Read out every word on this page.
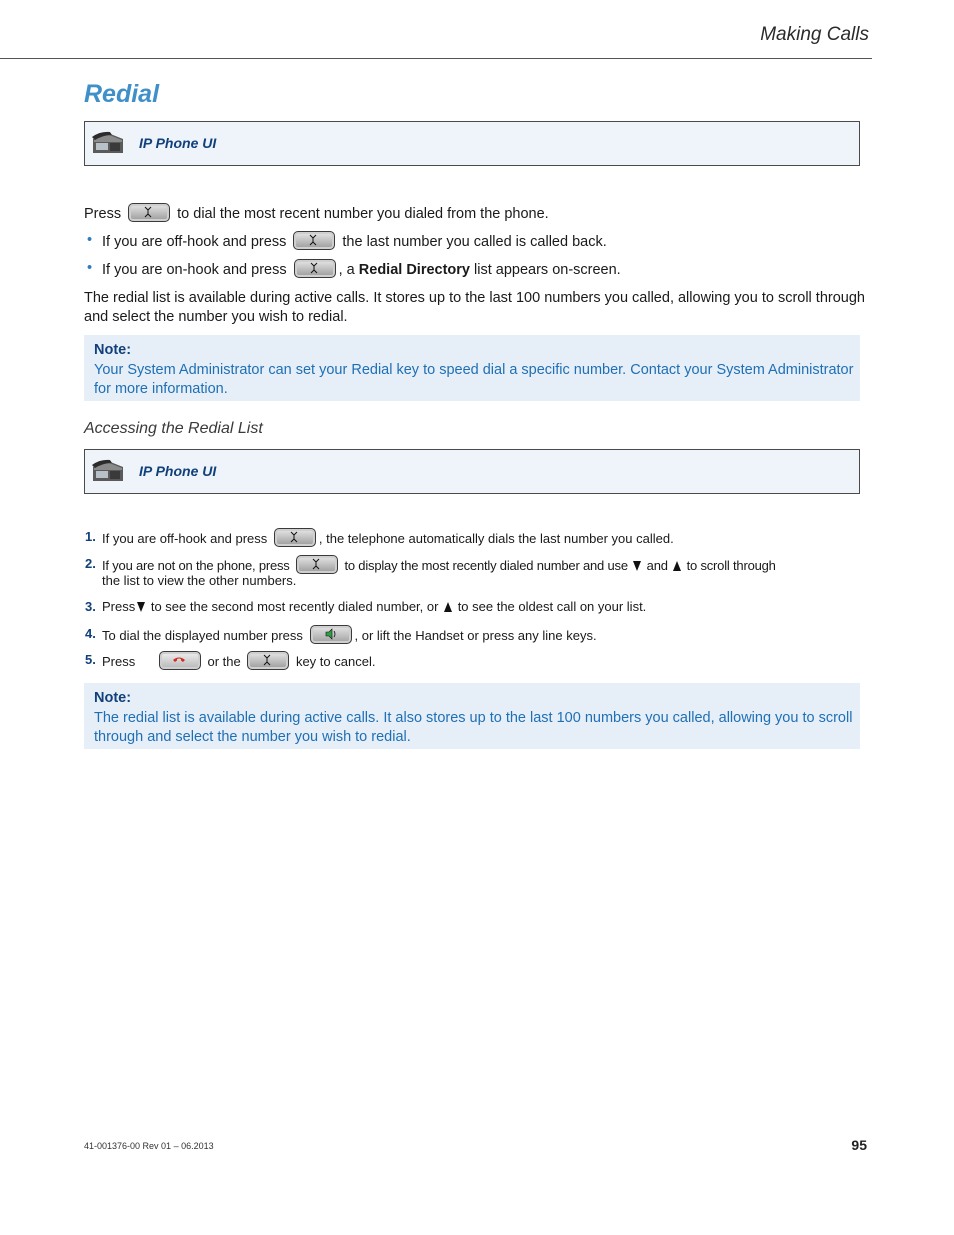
Making Calls
Redial
IP Phone UI
Press	to dial the most recent number you dialed from the phone.
• If you are off-hook and press	the last number you called is called back.
• If you are on-hook and press	, a Redial Directory list appears on-screen.
The redial list is available during active calls. It stores up to the last 100 numbers you called, allowing you to scroll through
and select the number you wish to redial.
Note:
Your System Administrator can set your Redial key to speed dial a specific number. Contact your System Administrator
for more information.
Accessing the Redial List
IP Phone UI
1. If you are off-hook and press	, the telephone automatically dials the last number you called.
2. If you are not on the phone, press	to display the most recently dialed number and use  and  to scroll through
the list to view the other numbers.
3. Press to see the second most recently dialed number, or  to see the oldest call on your list.
4. To dial the displayed number press	, or lift the Handset or press any line keys.
5. Press	or the	key to cancel.
Note:
The redial list is available during active calls. It also stores up to the last 100 numbers you called, allowing you to scroll
through and select the number you wish to redial.
41-001376-00 Rev 01 – 06.2013	95
